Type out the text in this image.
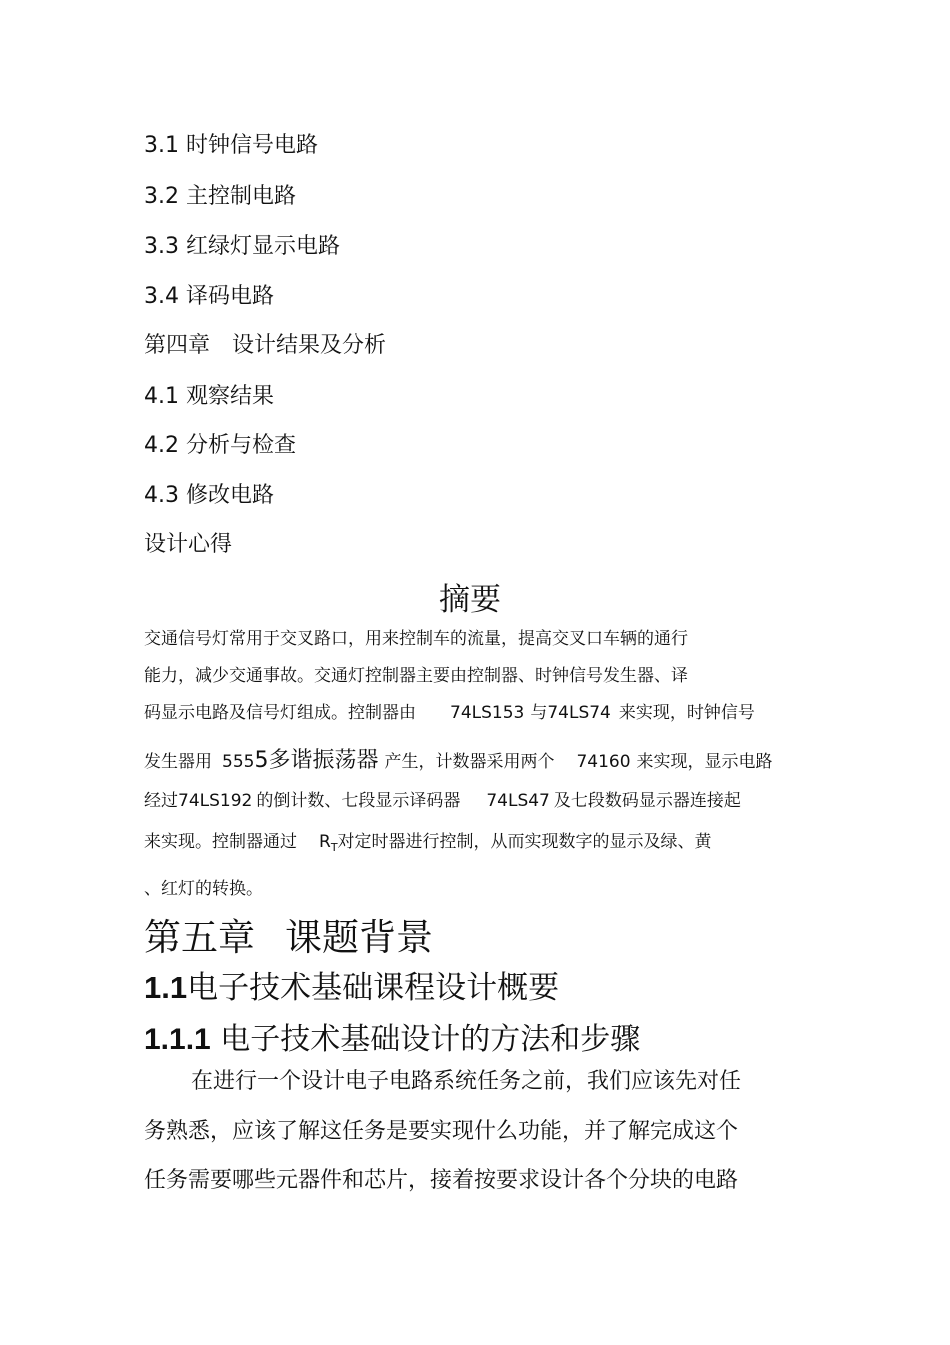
3.1 时钟信号电路
3.2 主控制电路
3.3 红绿灯显示电路
3.4 译码电路
第四章 设计结果及分析
4.1 观察结果
4.2 分析与检查
4.3 修改电路
设计心得
摘要
交通信号灯常用于交叉路口，用来控制车的流量，提高交叉口车辆的通行
能力，减少交通事故。交通灯控制器主要由控制器、时钟信号发生器、译
码显示电路及信号灯组成。控制器由 74LS153 与74LS74 来实现，时钟信号
发生器用 5555多谐振荡器 产生，计数器采用两个 74160 来实现，显示电路
经过74LS192 的倒计数、七段显示译码器 74LS47 及七段数码显示器连接起
来实现。控制器通过 $R_T$对定时器进行控制，从而实现数字的显示及绿、黄
、红灯的转换。
第五章 课题背景
1.1电子技术基础课程设计概要
1.1.1 电子技术基础设计的方法和步骤
在进行一个设计电子电路系统任务之前，我们应该先对任
务熟悉，应该了解这任务是要实现什么功能，并了解完成这个
任务需要哪些元器件和芯片，接着按要求设计各个分块的电路
